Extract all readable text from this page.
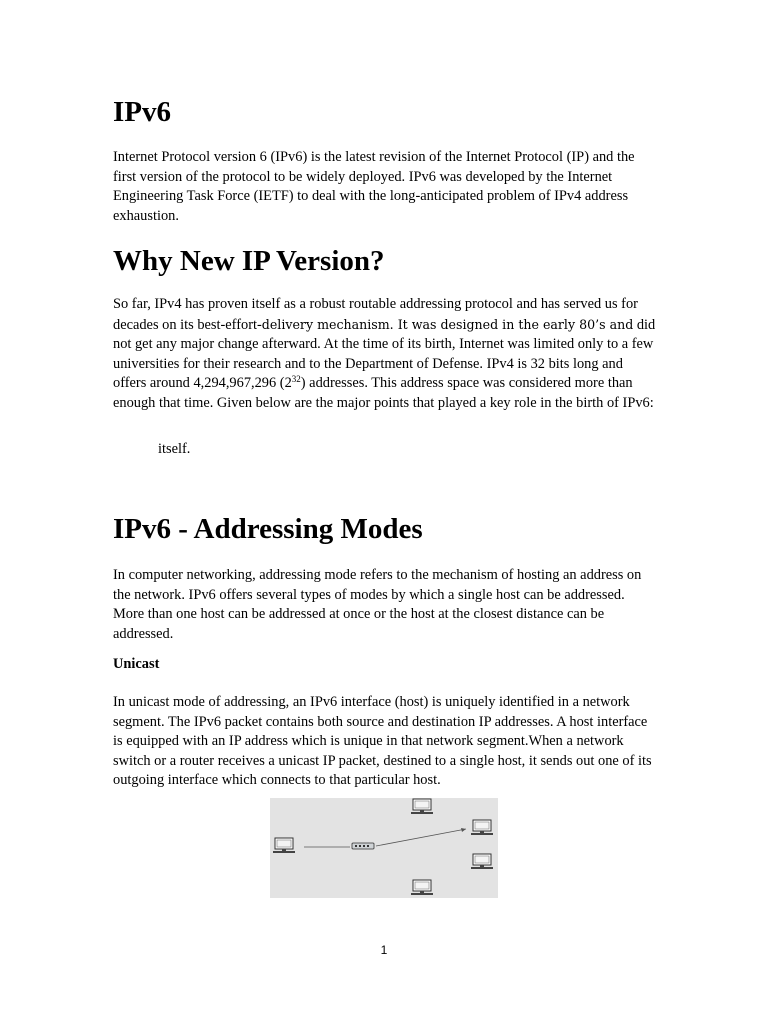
IPv6

Internet Protocol version 6 (IPv6) is the latest revision of the Internet Protocol (IP) and the first version of the protocol to be widely deployed. IPv6 was developed by the Internet Engineering Task Force (IETF) to deal with the long-anticipated problem of IPv4 address exhaustion.

Why New IP Version?

So far, IPv4 has proven itself as a robust routable addressing protocol and has served us for decades on its best-effort-delivery mechanism. It was designed in the early 80’s and did not get any major change afterward. At the time of its birth, Internet was limited only to a few universities for their research and to the Department of Defense. IPv4 is 32 bits long and offers around 4,294,967,296 $(2^{32})$ addresses. This address space was considered more than enough that time. Given below are the major points that played a key role in the birth of IPv6:

itself.

IPv6 - Addressing Modes

In computer networking, addressing mode refers to the mechanism of hosting an address on the network. IPv6 offers several types of modes by which a single host can be addressed. More than one host can be addressed at once or the host at the closest distance can be addressed.

Unicast

In unicast mode of addressing, an IPv6 interface (host) is uniquely identified in a network segment. The IPv6 packet contains both source and destination IP addresses. A host interface is equipped with an IP address which is unique in that network segment.When a network switch or a router receives a unicast IP packet, destined to a single host, it sends out one of its outgoing interface which connects to that particular host.

1
